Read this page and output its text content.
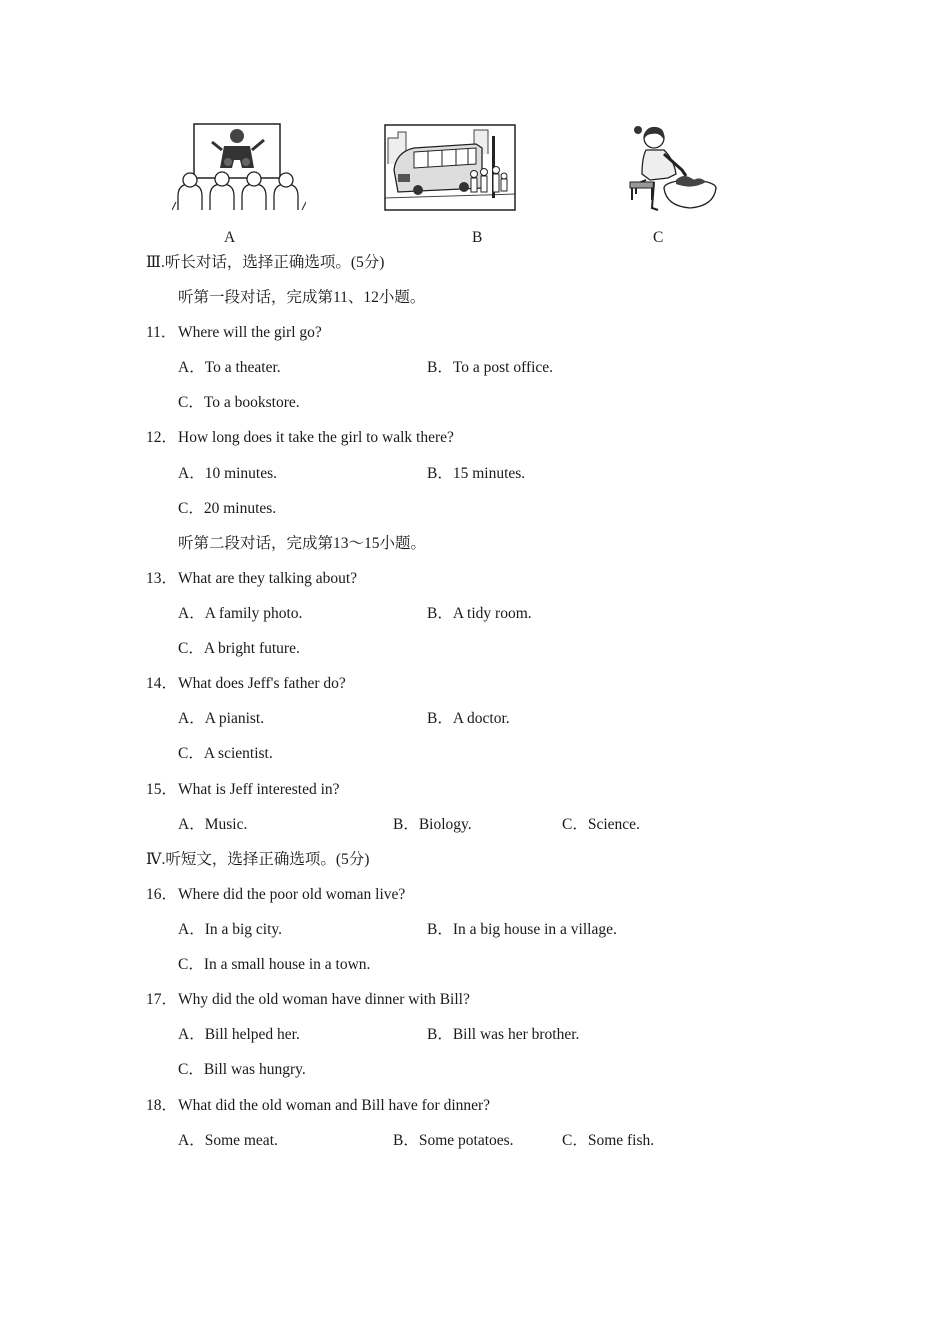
A	B	C
Ⅲ.听长对话，选择正确选项。(5分)
听第一段对话，完成第11、12小题。
11． Where will the girl go?
A．To a theater.	B．To a post office.
C．To a bookstore.
12． How long does it take the girl to walk there?
A．10 minutes.	B．15 minutes.
C．20 minutes.
听第二段对话，完成第13～15小题。
13． What are they talking about?
A．A family photo.	B．A tidy room.
C．A bright future.
14． What does Jeff's father do?
A．A pianist.	B．A doctor.
C．A scientist.
15． What is Jeff interested in?
A．Music.	B．Biology.	C．Science.
Ⅳ.听短文，选择正确选项。(5分)
16． Where did the poor old woman live?
A．In a big city.	B．In a big house in a village.
C．In a small house in a town.
17． Why did the old woman have dinner with Bill?
A．Bill helped her.	B．Bill was her brother.
C．Bill was hungry.
18． What did the old woman and Bill have for dinner?
A．Some meat.	B．Some potatoes.	C．Some fish.
